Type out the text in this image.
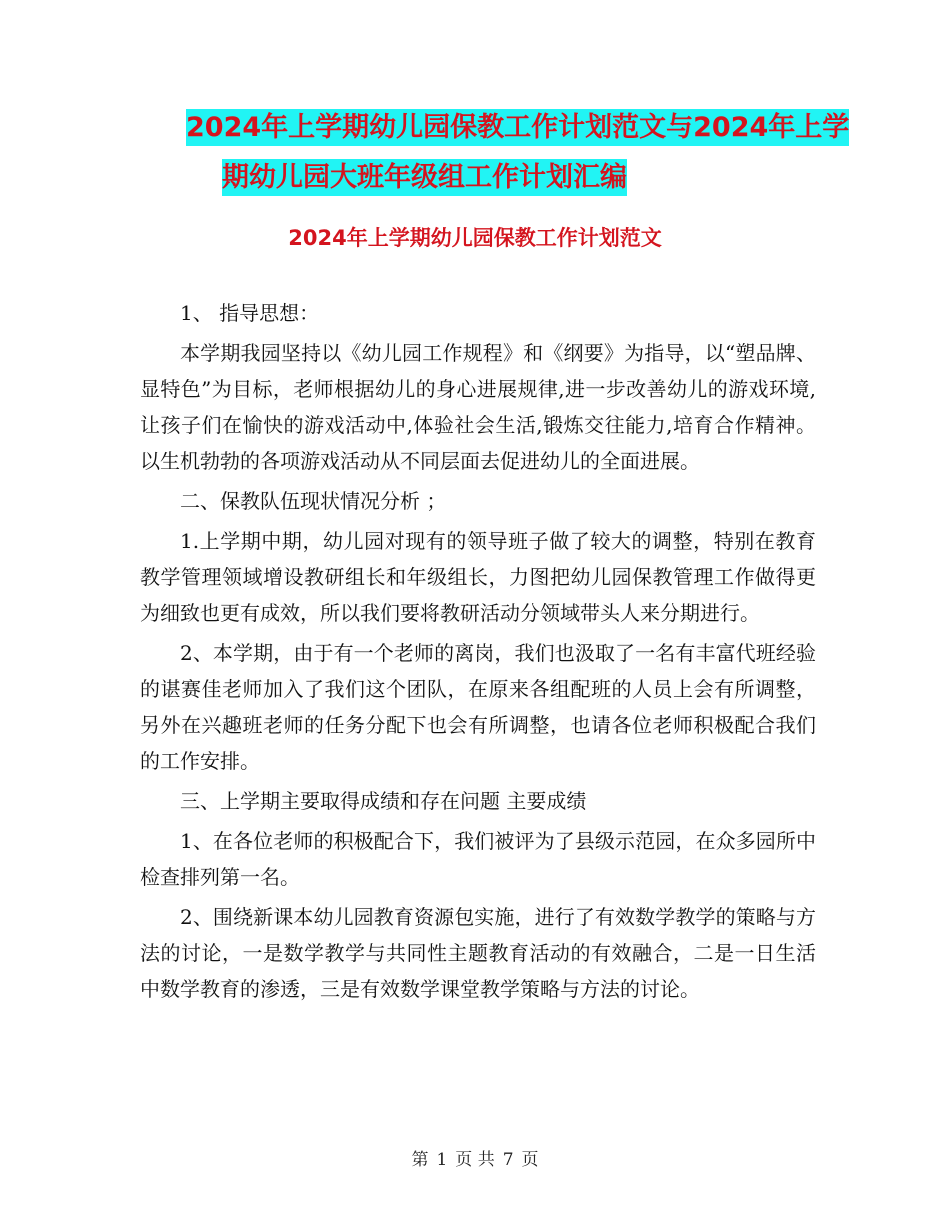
2024年上学期幼儿园保教工作计划范文与2024年上学
期幼儿园大班年级组工作计划汇编
2024年上学期幼儿园保教工作计划范文

1、 指导思想：

本学期我园坚持以《幼儿园工作规程》和《纲要》为指导，以“塑品牌、显特色”为目标，老师根据幼儿的身心进展规律,进一步改善幼儿的游戏环境,让孩子们在愉快的游戏活动中,体验社会生活,锻炼交往能力,培育合作精神。以生机勃勃的各项游戏活动从不同层面去促进幼儿的全面进展。

二、保教队伍现状情况分析 ；

1.上学期中期，幼儿园对现有的领导班子做了较大的调整，特别在教育教学管理领域增设教研组长和年级组长，力图把幼儿园保教管理工作做得更为细致也更有成效，所以我们要将教研活动分领域带头人来分期进行。

2、本学期，由于有一个老师的离岗，我们也汲取了一名有丰富代班经验的谌赛佳老师加入了我们这个团队，在原来各组配班的人员上会有所调整，另外在兴趣班老师的任务分配下也会有所调整，也请各位老师积极配合我们的工作安排。

三、上学期主要取得成绩和存在问题 主要成绩

1、在各位老师的积极配合下，我们被评为了县级示范园，在众多园所中检查排列第一名。

2、围绕新课本幼儿园教育资源包实施，进行了有效数学教学的策略与方法的讨论，一是数学教学与共同性主题教育活动的有效融合，二是一日生活中数学教育的渗透，三是有效数学课堂教学策略与方法的讨论。

第 1 页 共 7 页
